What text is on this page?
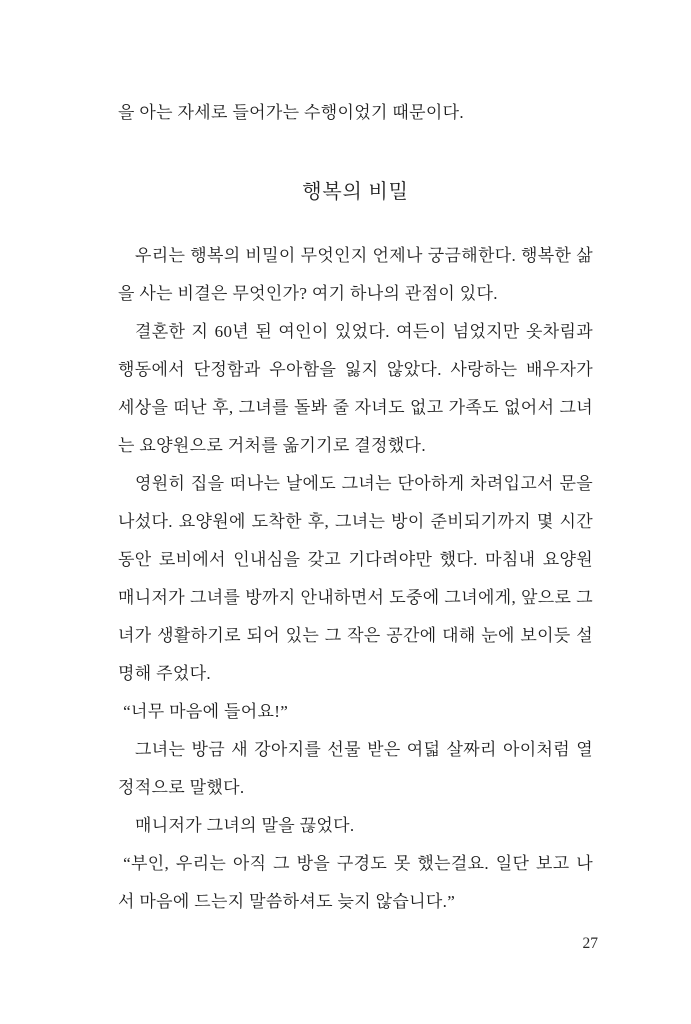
을 아는 자세로 들어가는 수행이었기 때문이다.
행복의 비밀
우리는 행복의 비밀이 무엇인지 언제나 궁금해한다. 행복한 삶
을 사는 비결은 무엇인가? 여기 하나의 관점이 있다.
결혼한 지 60년 된 여인이 있었다. 여든이 넘었지만 옷차림과
행동에서 단정함과 우아함을 잃지 않았다. 사랑하는 배우자가
세상을 떠난 후, 그녀를 돌봐 줄 자녀도 없고 가족도 없어서 그녀
는 요양원으로 거처를 옮기기로 결정했다.
영원히 집을 떠나는 날에도 그녀는 단아하게 차려입고서 문을
나섰다. 요양원에 도착한 후, 그녀는 방이 준비되기까지 몇 시간
동안 로비에서 인내심을 갖고 기다려야만 했다. 마침내 요양원
매니저가 그녀를 방까지 안내하면서 도중에 그녀에게, 앞으로 그
녀가 생활하기로 되어 있는 그 작은 공간에 대해 눈에 보이듯 설
명해 주었다.
“너무 마음에 들어요!”
그녀는 방금 새 강아지를 선물 받은 여덟 살짜리 아이처럼 열
정적으로 말했다.
매니저가 그녀의 말을 끊었다.
“부인, 우리는 아직 그 방을 구경도 못 했는걸요. 일단 보고 나
서 마음에 드는지 말씀하셔도 늦지 않습니다.”
27
